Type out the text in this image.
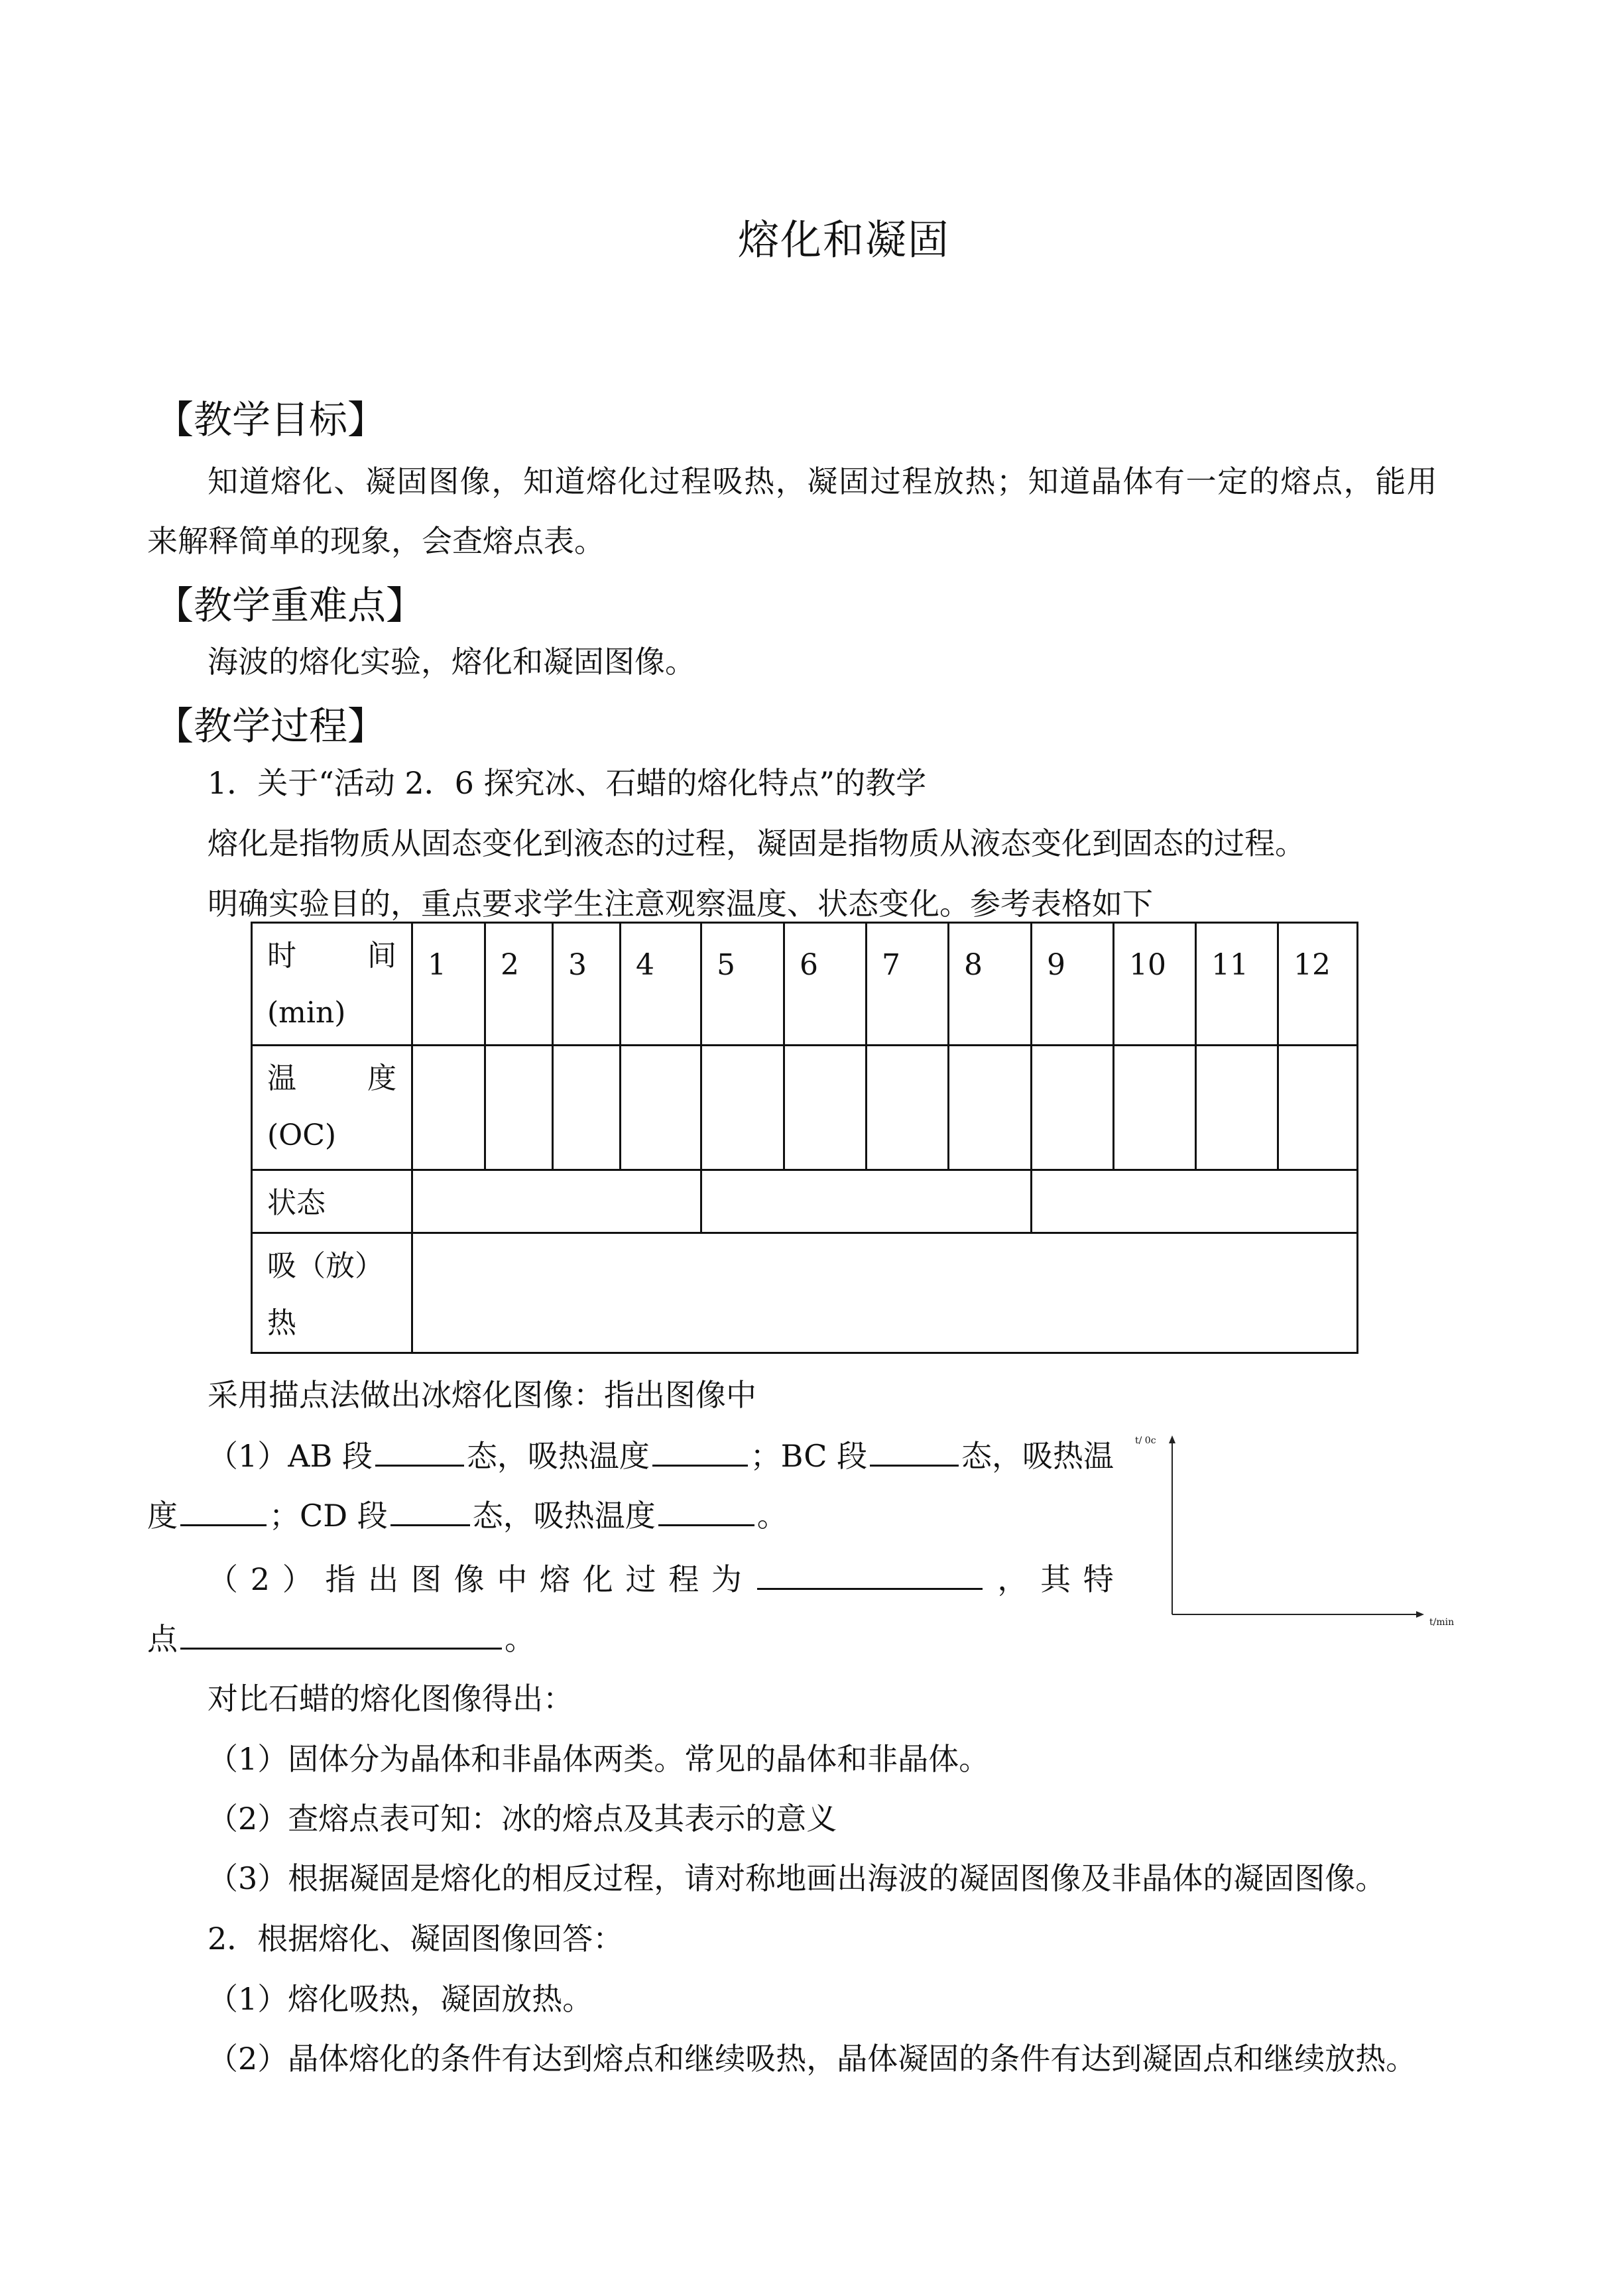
熔化和凝固
【教学目标】
知道熔化、凝固图像，知道熔化过程吸热，凝固过程放热；知道晶体有一定的熔点，能用
来解释简单的现象，会查熔点表。
【教学重难点】
海波的熔化实验，熔化和凝固图像。
【教学过程】
1．关于“活动 2．6 探究冰、石蜡的熔化特点”的教学
熔化是指物质从固态变化到液态的过程，凝固是指物质从液态变化到固态的过程。
明确实验目的，重点要求学生注意观察温度、状态变化。参考表格如下
时 间
(min)	1	2	3	4	5	6	7	8	9	10	11	12

温 度
(OC)												

状态												

吸（放）
热												

采用描点法做出冰熔化图像：指出图像中
（1）AB 段	态，吸热温度	；BC 段	态，吸热温
度	；CD 段	态，吸热温度	。
（ 2 ） 指 出 图 像 中 熔 化 过 程 为	， 其 特
点	。
t/ 0c
t/min
对比石蜡的熔化图像得出：
（1）固体分为晶体和非晶体两类。常见的晶体和非晶体。
（2）查熔点表可知：冰的熔点及其表示的意义
（3）根据凝固是熔化的相反过程，请对称地画出海波的凝固图像及非晶体的凝固图像。
2．根据熔化、凝固图像回答：
（1）熔化吸热，凝固放热。
（2）晶体熔化的条件有达到熔点和继续吸热，晶体凝固的条件有达到凝固点和继续放热。
